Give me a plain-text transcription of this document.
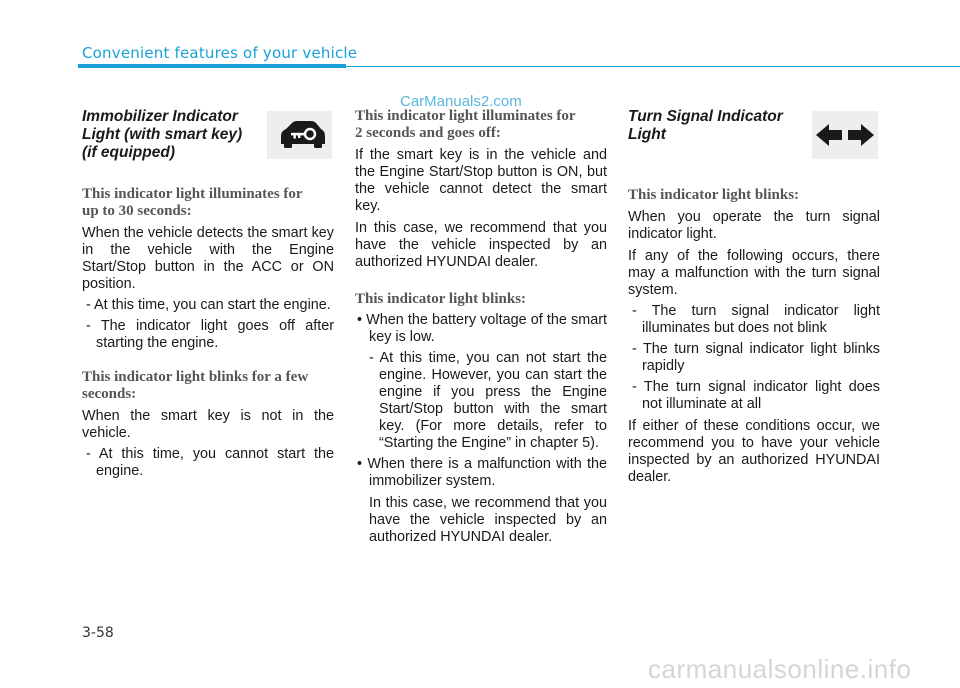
Convenient features of your vehicle
CarManuals2.com
Immobilizer Indicator
Light (with smart key)
(if equipped)
This indicator light illuminates for
up to 30 seconds:
When the vehicle detects the smart key in the vehicle with the Engine Start/Stop button in the ACC or ON position.
- At this time, you can start the engine.
- The indicator light goes off after starting the engine.
This indicator light blinks for a few
seconds:
When the smart key is not in the vehicle.
- At this time, you cannot start the engine.
This indicator light illuminates for
2 seconds and goes off:
If the smart key is in the vehicle and the Engine Start/Stop button is ON, but the vehicle cannot detect the smart key.
In this case, we recommend that you have the vehicle inspected by an authorized HYUNDAI dealer.
This indicator light blinks:
• When the battery voltage of the smart key is low.
- At this time, you can not start the engine. However, you can start the engine if you press the Engine Start/Stop button with the smart key. (For more details, refer to “Starting the Engine” in chapter 5).
• When there is a malfunction with the immobilizer system.
In this case, we recommend that you have the vehicle inspected by an authorized HYUNDAI dealer.
Turn Signal Indicator
Light
This indicator light blinks:
When you operate the turn signal indicator light.
If any of the following occurs, there may a malfunction with the turn signal system.
- The turn signal indicator light illuminates but does not blink
- The turn signal indicator light blinks rapidly
- The turn signal indicator light does not illuminate at all
If either of these conditions occur, we recommend you to have your vehicle inspected by an authorized HYUNDAI dealer.
3-58
carmanualsonline.info
